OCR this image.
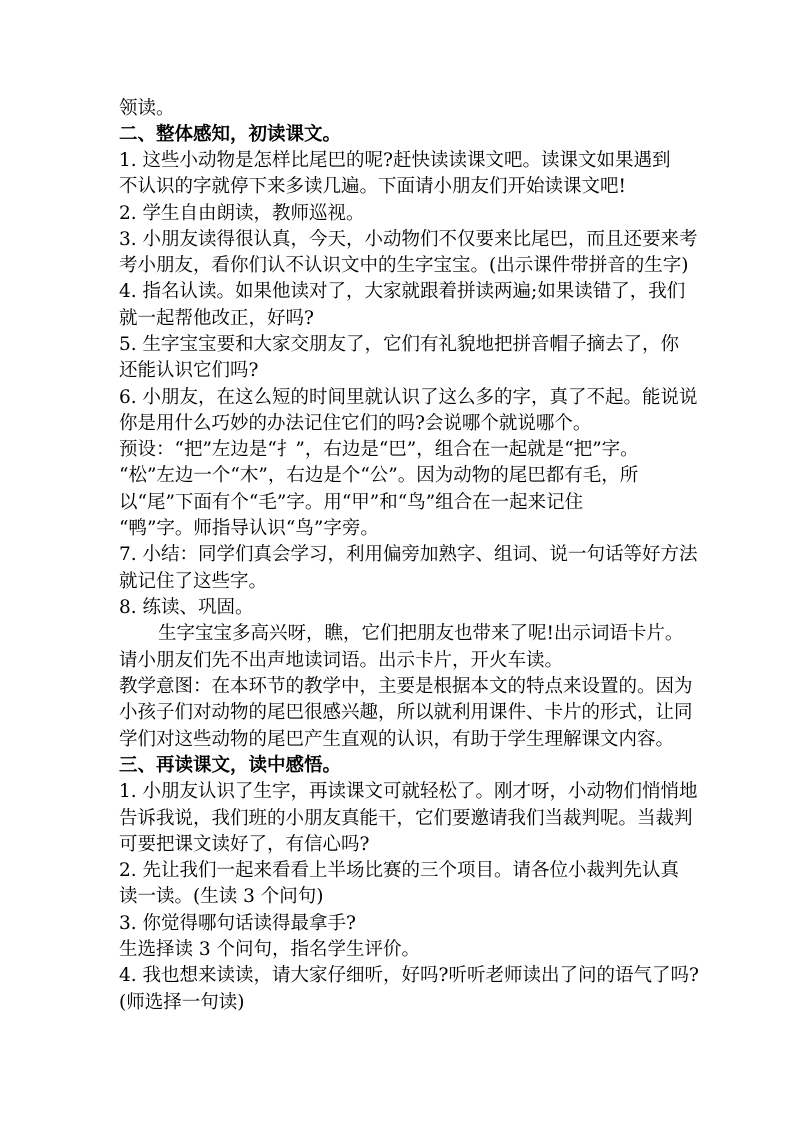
领读。
二、整体感知，初读课文。
1. 这些小动物是怎样比尾巴的呢?赶快读读课文吧。读课文如果遇到
不认识的字就停下来多读几遍。下面请小朋友们开始读课文吧!
2. 学生自由朗读，教师巡视。
3. 小朋友读得很认真，今天，小动物们不仅要来比尾巴，而且还要来考
考小朋友，看你们认不认识文中的生字宝宝。(出示课件带拼音的生字)
4. 指名认读。如果他读对了，大家就跟着拼读两遍;如果读错了，我们
就一起帮他改正，好吗?
5. 生字宝宝要和大家交朋友了，它们有礼貌地把拼音帽子摘去了，你
还能认识它们吗?
6. 小朋友，在这么短的时间里就认识了这么多的字，真了不起。能说说
你是用什么巧妙的办法记住它们的吗?会说哪个就说哪个。
预设：“把”左边是“扌”，右边是“巴”，组合在一起就是“把”字。
“松”左边一个“木”，右边是个“公”。因为动物的尾巴都有毛，所
以“尾”下面有个“毛”字。用“甲”和“鸟”组合在一起来记住
“鸭”字。师指导认识“鸟”字旁。
7. 小结：同学们真会学习，利用偏旁加熟字、组词、说一句话等好方法
就记住了这些字。
8. 练读、巩固。
生字宝宝多高兴呀，瞧，它们把朋友也带来了呢!出示词语卡片。
请小朋友们先不出声地读词语。出示卡片，开火车读。
教学意图：在本环节的教学中，主要是根据本文的特点来设置的。因为
小孩子们对动物的尾巴很感兴趣，所以就利用课件、卡片的形式，让同
学们对这些动物的尾巴产生直观的认识，有助于学生理解课文内容。
三、再读课文，读中感悟。
1. 小朋友认识了生字，再读课文可就轻松了。刚才呀，小动物们悄悄地
告诉我说，我们班的小朋友真能干，它们要邀请我们当裁判呢。当裁判
可要把课文读好了，有信心吗?
2. 先让我们一起来看看上半场比赛的三个项目。请各位小裁判先认真
读一读。(生读 3 个问句)
3. 你觉得哪句话读得最拿手?
生选择读 3 个问句，指名学生评价。
4. 我也想来读读，请大家仔细听，好吗?听听老师读出了问的语气了吗?
(师选择一句读)
